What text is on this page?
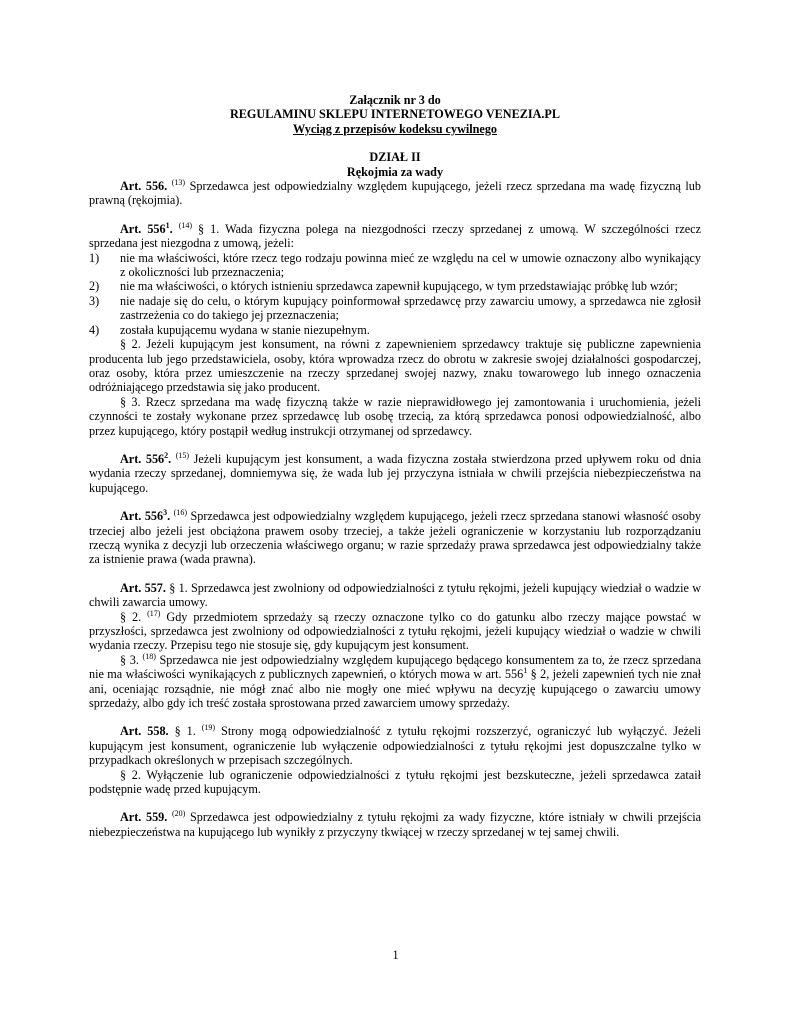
Załącznik nr 3 do

REGULAMINU SKLEPU INTERNETOWEGO VENEZIA.PL

Wyciąg z przepisów kodeksu cywilnego

DZIAŁ II

Rękojmia za wady

Art. 556. $^{(13)}$ Sprzedawca jest odpowiedzialny względem kupującego, jeżeli rzecz sprzedana ma wadę fizyczną lub prawną (rękojmia).

Art. $556^1$. $^{(14)}$ § 1. Wada fizyczna polega na niezgodności rzeczy sprzedanej z umową. W szczególności rzecz sprzedana jest niezgodna z umową, jeżeli:

1)	nie ma właściwości, które rzecz tego rodzaju powinna mieć ze względu na cel w umowie oznaczony albo wynikający z okoliczności lub przeznaczenia;
2)	nie ma właściwości, o których istnieniu sprzedawca zapewnił kupującego, w tym przedstawiając próbkę lub wzór;
3)	nie nadaje się do celu, o którym kupujący poinformował sprzedawcę przy zawarciu umowy, a sprzedawca nie zgłosił zastrzeżenia co do takiego jej przeznaczenia;
4)	została kupującemu wydana w stanie niezupełnym.

§ 2. Jeżeli kupującym jest konsument, na równi z zapewnieniem sprzedawcy traktuje się publiczne zapewnienia producenta lub jego przedstawiciela, osoby, która wprowadza rzecz do obrotu w zakresie swojej działalności gospodarczej, oraz osoby, która przez umieszczenie na rzeczy sprzedanej swojej nazwy, znaku towarowego lub innego oznaczenia odróżniającego przedstawia się jako producent.

§ 3. Rzecz sprzedana ma wadę fizyczną także w razie nieprawidłowego jej zamontowania i uruchomienia, jeżeli czynności te zostały wykonane przez sprzedawcę lub osobę trzecią, za którą sprzedawca ponosi odpowiedzialność, albo przez kupującego, który postąpił według instrukcji otrzymanej od sprzedawcy.

Art. $556^2$. $^{(15)}$ Jeżeli kupującym jest konsument, a wada fizyczna została stwierdzona przed upływem roku od dnia wydania rzeczy sprzedanej, domniemywa się, że wada lub jej przyczyna istniała w chwili przejścia niebezpieczeństwa na kupującego.

Art. $556^3$. $^{(16)}$ Sprzedawca jest odpowiedzialny względem kupującego, jeżeli rzecz sprzedana stanowi własność osoby trzeciej albo jeżeli jest obciążona prawem osoby trzeciej, a także jeżeli ograniczenie w korzystaniu lub rozporządzaniu rzeczą wynika z decyzji lub orzeczenia właściwego organu; w razie sprzedaży prawa sprzedawca jest odpowiedzialny także za istnienie prawa (wada prawna).

Art. 557. § 1. Sprzedawca jest zwolniony od odpowiedzialności z tytułu rękojmi, jeżeli kupujący wiedział o wadzie w chwili zawarcia umowy.

§ 2. $^{(17)}$ Gdy przedmiotem sprzedaży są rzeczy oznaczone tylko co do gatunku albo rzeczy mające powstać w przyszłości, sprzedawca jest zwolniony od odpowiedzialności z tytułu rękojmi, jeżeli kupujący wiedział o wadzie w chwili wydania rzeczy. Przepisu tego nie stosuje się, gdy kupującym jest konsument.

§ 3. $^{(18)}$ Sprzedawca nie jest odpowiedzialny względem kupującego będącego konsumentem za to, że rzecz sprzedana nie ma właściwości wynikających z publicznych zapewnień, o których mowa w art. $556^1$ § 2, jeżeli zapewnień tych nie znał ani, oceniając rozsądnie, nie mógł znać albo nie mogły one mieć wpływu na decyzję kupującego o zawarciu umowy sprzedaży, albo gdy ich treść została sprostowana przed zawarciem umowy sprzedaży.

Art. 558. § 1. $^{(19)}$ Strony mogą odpowiedzialność z tytułu rękojmi rozszerzyć, ograniczyć lub wyłączyć. Jeżeli kupującym jest konsument, ograniczenie lub wyłączenie odpowiedzialności z tytułu rękojmi jest dopuszczalne tylko w przypadkach określonych w przepisach szczególnych.

§ 2. Wyłączenie lub ograniczenie odpowiedzialności z tytułu rękojmi jest bezskuteczne, jeżeli sprzedawca zataił podstępnie wadę przed kupującym.

Art. 559. $^{(20)}$ Sprzedawca jest odpowiedzialny z tytułu rękojmi za wady fizyczne, które istniały w chwili przejścia niebezpieczeństwa na kupującego lub wynikły z przyczyny tkwiącej w rzeczy sprzedanej w tej samej chwili.

1
